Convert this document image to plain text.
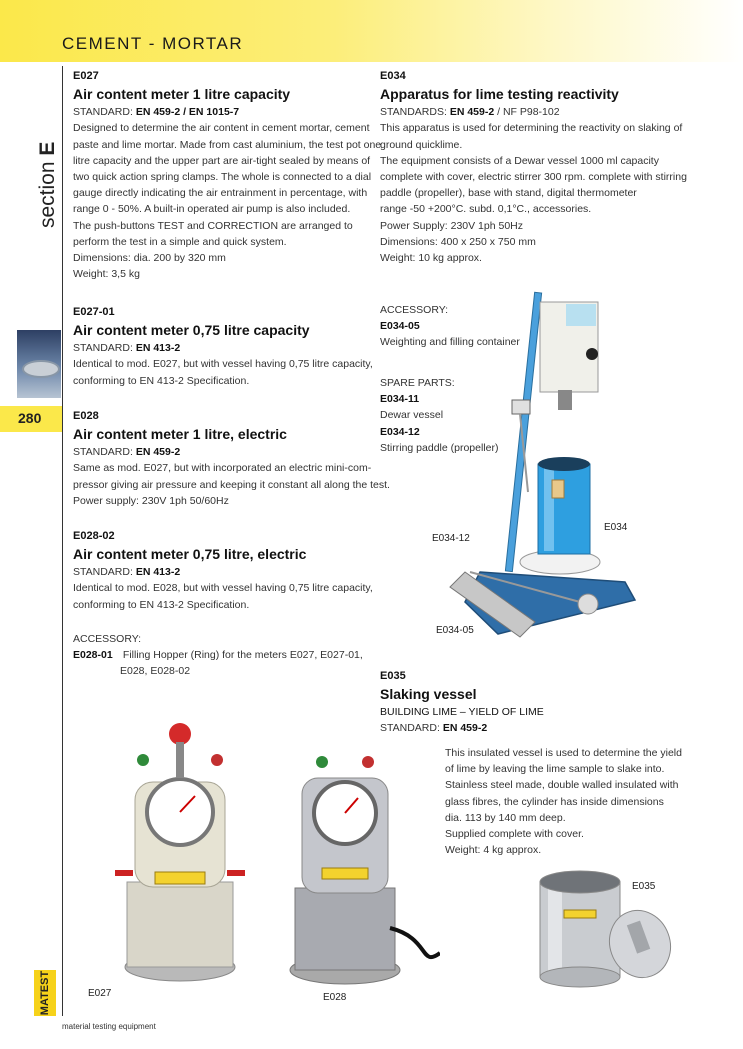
CEMENT - MORTAR
section E
280
MATEST
material testing equipment
E027
Air content meter 1 litre capacity
STANDARD: EN 459-2 / EN 1015-7
Designed to determine the air content in cement mortar, cement
paste and lime mortar. Made from cast aluminium, the test pot one
litre capacity and the upper part are air-tight sealed by means of
two quick action spring clamps. The whole is connected to a dial
gauge directly indicating the air entrainment in percentage, with
range 0 - 50%. A built-in operated air pump is also included.
The push-buttons TEST and CORRECTION are arranged to
perform the test in a simple and quick system.
Dimensions: dia. 200 by 320 mm
Weight: 3,5 kg
E027-01
Air content meter 0,75 litre capacity
STANDARD: EN 413-2
Identical to mod. E027, but with vessel having 0,75 litre capacity,
conforming to EN 413-2 Specification.
E028
Air content meter 1 litre, electric
STANDARD: EN 459-2
Same as mod. E027, but with incorporated an electric mini-com-
pressor giving air pressure and keeping it constant all along the test.
Power supply: 230V 1ph 50/60Hz
E028-02
Air content meter 0,75 litre, electric
STANDARD: EN 413-2
Identical to mod. E028, but with vessel having 0,75 litre capacity,
conforming to EN 413-2 Specification.
ACCESSORY:
E028-01 Filling Hopper (Ring) for the meters E027, E027-01,
E028, E028-02
E034
Apparatus for lime testing reactivity
STANDARDS: EN 459-2 / NF P98-102
This apparatus is used for determining the reactivity on slaking of
ground quicklime.
The equipment consists of a Dewar vessel 1000 ml capacity
complete with cover, electric stirrer 300 rpm. complete with stirring
paddle (propeller), base with stand, digital thermometer
range -50 +200°C. subd. 0,1°C., accessories.
Power Supply: 230V 1ph 50Hz
Dimensions: 400 x 250 x 750 mm
Weight: 10 kg approx.
ACCESSORY:
E034-05
Weighting and filling container
SPARE PARTS:
E034-11
Dewar vessel
E034-12
Stirring paddle (propeller)
E035
Slaking vessel
BUILDING LIME – YIELD OF LIME
STANDARD: EN 459-2
This insulated vessel is used to determine the yield
of lime by leaving the lime sample to slake into.
Stainless steel made, double walled insulated with
glass fibres, the cylinder has inside dimensions
dia. 113 by 140 mm deep.
Supplied complete with cover.
Weight: 4 kg approx.
E034
E034-12
E034-05
E027	E028
E035
